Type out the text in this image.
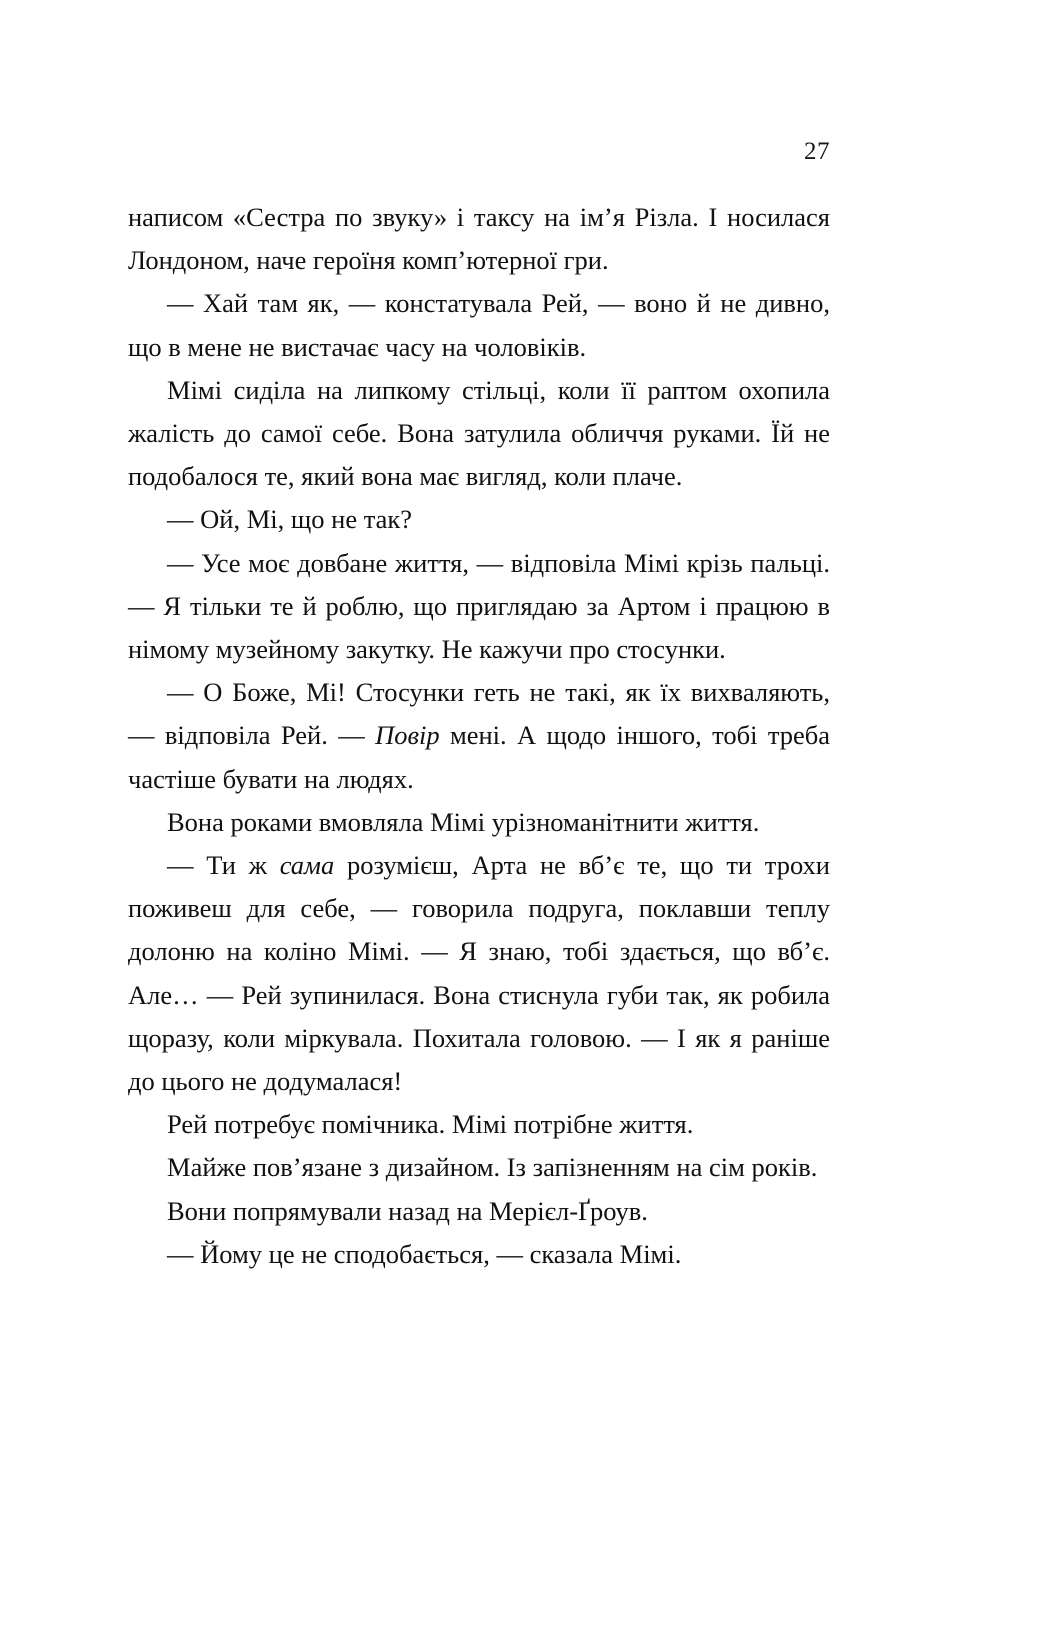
27

написом «Сестра по звуку» і таксу на ім’я Різла. І носилася Лондоном, наче героїня комп’ютерної гри.

— Хай там як, — констатувала Рей, — воно й не дивно, що в мене не вистачає часу на чоловіків.

Мімі сиділа на липкому стільці, коли її раптом охопила жалість до самої себе. Вона затулила обличчя руками. Їй не подобалося те, який вона має вигляд, коли плаче.

— Ой, Мі, що не так?

— Усе моє довбане життя, — відповіла Мімі крізь пальці. — Я тільки те й роблю, що приглядаю за Артом і працюю в німому музейному закутку. Не кажучи про стосунки.

— О Боже, Мі! Стосунки геть не такі, як їх вихваляють, — відповіла Рей. — Повір мені. А щодо іншого, тобі треба частіше бувати на людях.

Вона роками вмовляла Мімі урізноманітнити життя.

— Ти ж сама розумієш, Арта не вб’є те, що ти трохи поживеш для себе, — говорила подруга, поклавши теплу долоню на коліно Мімі. — Я знаю, тобі здається, що вб’є. Але… — Рей зупинилася. Вона стиснула губи так, як робила щоразу, коли міркувала. Похитала головою. — І як я раніше до цього не додумалася!

Рей потребує помічника. Мімі потрібне життя.

Майже пов’язане з дизайном. Із запізненням на сім років.

Вони попрямували назад на Мерієл-Ґроув.

— Йому це не сподобається, — сказала Мімі.
